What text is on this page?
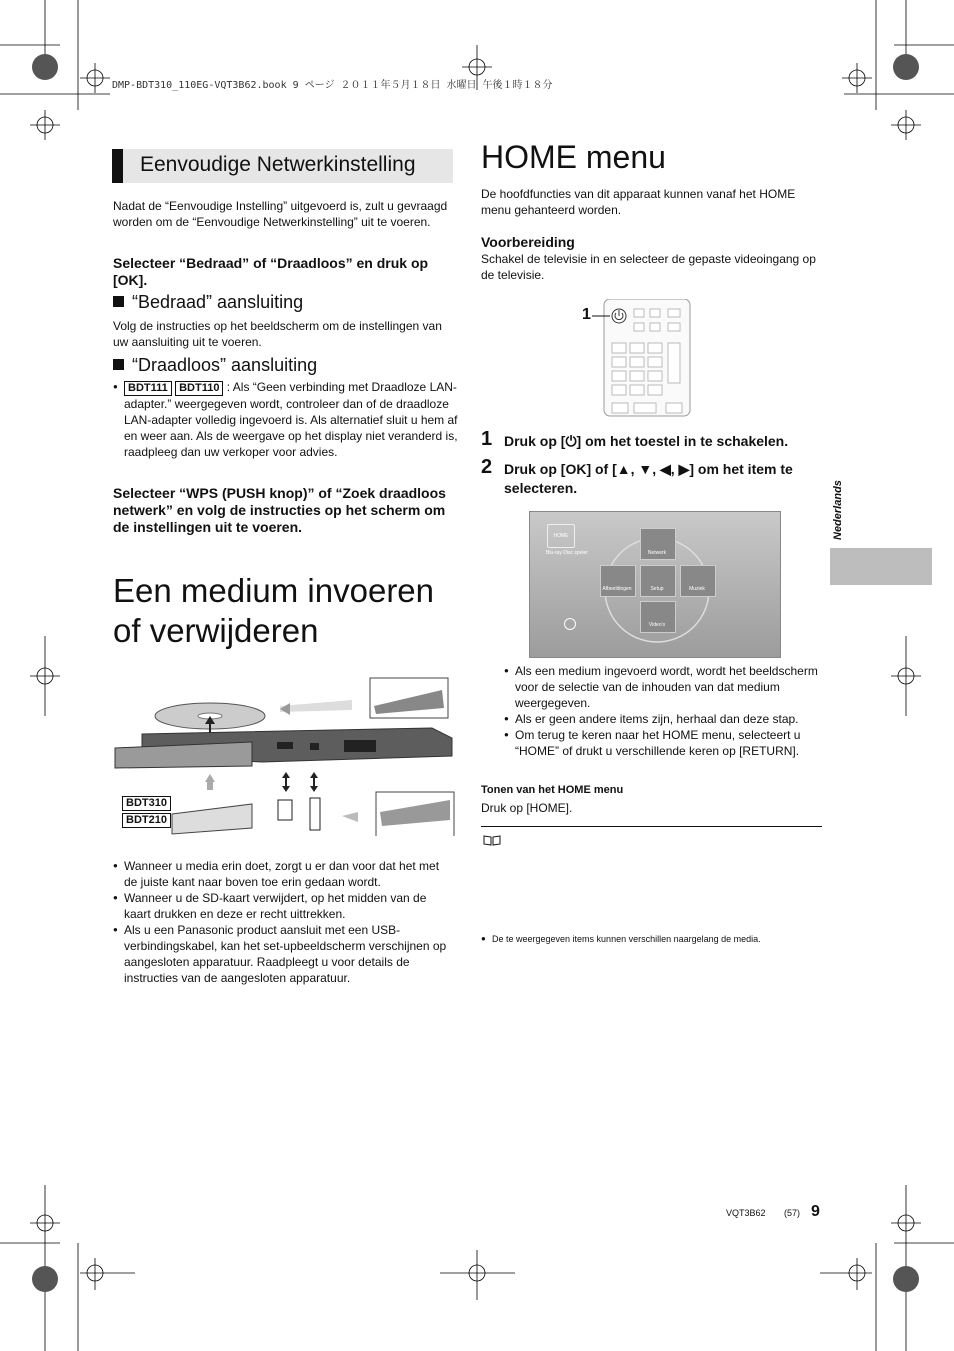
DMP-BDT310_110EG-VQT3B62.book 9 ページ ２０１１年５月１８日 水曜日 午後１時１８分
Eenvoudige Netwerkinstelling
Nadat de “Eenvoudige Instelling” uitgevoerd is, zult u gevraagd worden om de “Eenvoudige Netwerkinstelling” uit te voeren.
Selecteer “Bedraad” of “Draadloos” en druk op [OK].
“Bedraad” aansluiting
Volg de instructies op het beeldscherm om de instellingen van uw aansluiting uit te voeren.
“Draadloos” aansluiting
● BDT111 BDT110 : Als “Geen verbinding met Draadloze LAN-adapter.” weergegeven wordt, controleer dan of de draadloze LAN-adapter volledig ingevoerd is. Als alternatief sluit u hem af en weer aan. Als de weergave op het display niet veranderd is, raadpleeg dan uw verkoper voor advies.
Selecteer “WPS (PUSH knop)” of “Zoek draadloos netwerk” en volg de instructies op het scherm om de instellingen uit te voeren.
Een medium invoeren
of verwijderen
BDT310
BDT210
● Wanneer u media erin doet, zorgt u er dan voor dat het met de juiste kant naar boven toe erin gedaan wordt.
● Wanneer u de SD-kaart verwijdert, op het midden van de kaart drukken en deze er recht uittrekken.
● Als u een Panasonic product aansluit met een USB-verbindingskabel, kan het set-upbeeldscherm verschijnen op aangesloten apparatuur. Raadpleegt u voor details de instructies van de aangesloten apparatuur.
HOME menu
De hoofdfuncties van dit apparaat kunnen vanaf het HOME menu gehanteerd worden.
Voorbereiding
Schakel de televisie in en selecteer de gepaste videoingang op de televisie.
1
1 Druk op [⏻] om het toestel in te schakelen.
2 Druk op [OK] of [▲, ▼, ◀, ▶] om het item te selecteren.
HOME
Blu-ray Disc speler	Netwerk
Afbeeldingen	Setup	Muziek
Video's
● Als een medium ingevoerd wordt, wordt het beeldscherm voor de selectie van de inhouden van dat medium weergegeven.
● Als er geen andere items zijn, herhaal dan deze stap.
● Om terug te keren naar het HOME menu, selecteert u “HOME” of drukt u verschillende keren op [RETURN].
Tonen van het HOME menu
Druk op [HOME].
● De te weergegeven items kunnen verschillen naargelang de media.
Nederlands
VQT3B62 (57) 9
